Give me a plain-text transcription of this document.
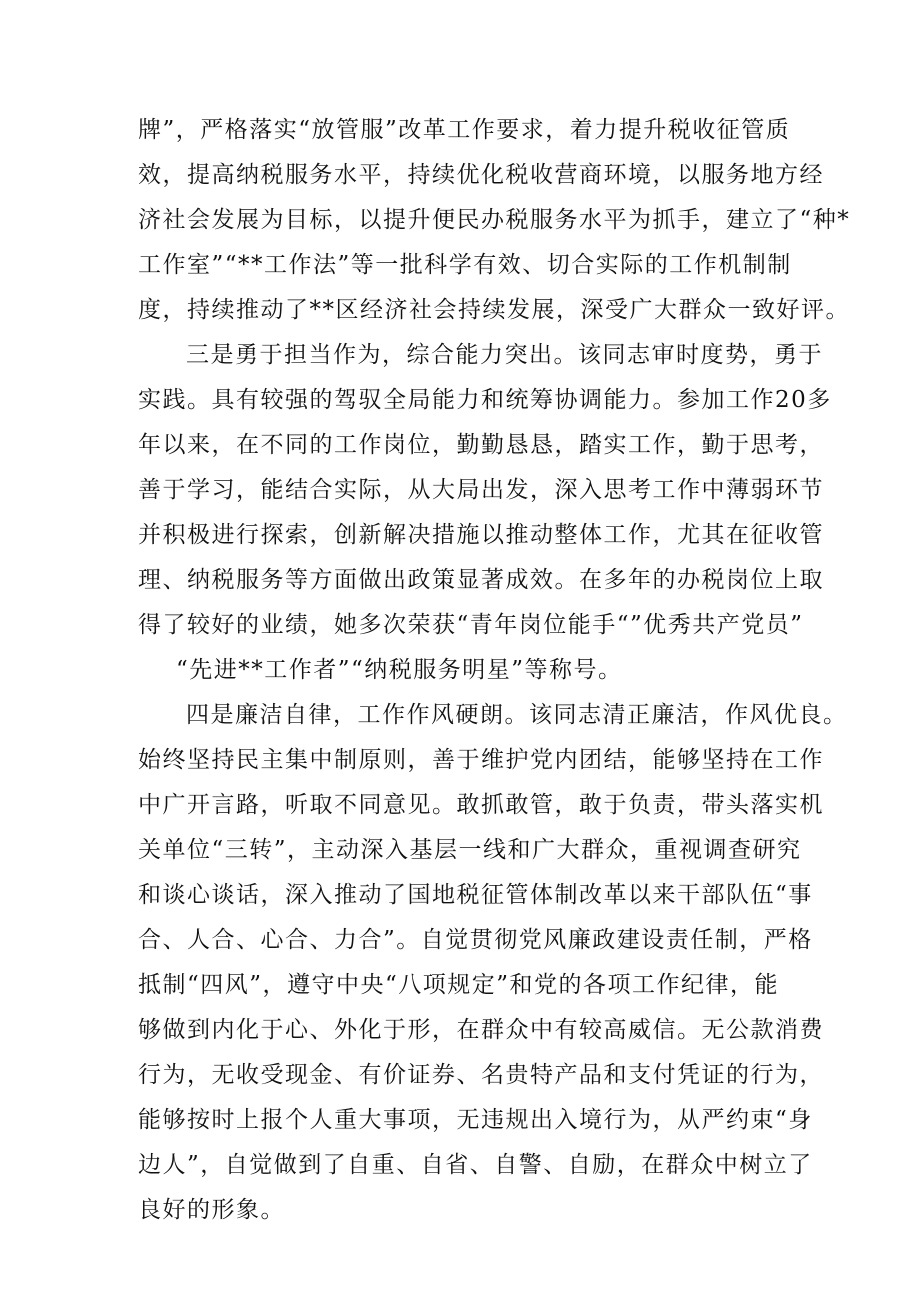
牌”，严格落实“放管服”改革工作要求，着力提升税收征管质

效，提高纳税服务水平，持续优化税收营商环境，以服务地方经

济社会发展为目标，以提升便民办税服务水平为抓手，建立了“种*

工作室”“**工作法”等一批科学有效、切合实际的工作机制制

度，持续推动了**区经济社会持续发展，深受广大群众一致好评。

三是勇于担当作为，综合能力突出。该同志审时度势，勇于

实践。具有较强的驾驭全局能力和统筹协调能力。参加工作20多

年以来，在不同的工作岗位，勤勤恳恳，踏实工作，勤于思考，

善于学习，能结合实际，从大局出发，深入思考工作中薄弱环节

并积极进行探索，创新解决措施以推动整体工作，尤其在征收管

理、纳税服务等方面做出政策显著成效。在多年的办税岗位上取

得了较好的业绩，她多次荣获“青年岗位能手“”优秀共产党员”

“先进**工作者”“纳税服务明星”等称号。

四是廉洁自律，工作作风硬朗。该同志清正廉洁，作风优良。

始终坚持民主集中制原则，善于维护党内团结，能够坚持在工作

中广开言路，听取不同意见。敢抓敢管，敢于负责，带头落实机

关单位“三转”，主动深入基层一线和广大群众，重视调查研究

和谈心谈话，深入推动了国地税征管体制改革以来干部队伍“事

合、人合、心合、力合”。自觉贯彻党风廉政建设责任制，严格

抵制“四风”，遵守中央“八项规定”和党的各项工作纪律，能

够做到内化于心、外化于形，在群众中有较高威信。无公款消费

行为，无收受现金、有价证券、名贵特产品和支付凭证的行为，

能够按时上报个人重大事项，无违规出入境行为，从严约束“身

边人”，自觉做到了自重、自省、自警、自励，在群众中树立了

良好的形象。
